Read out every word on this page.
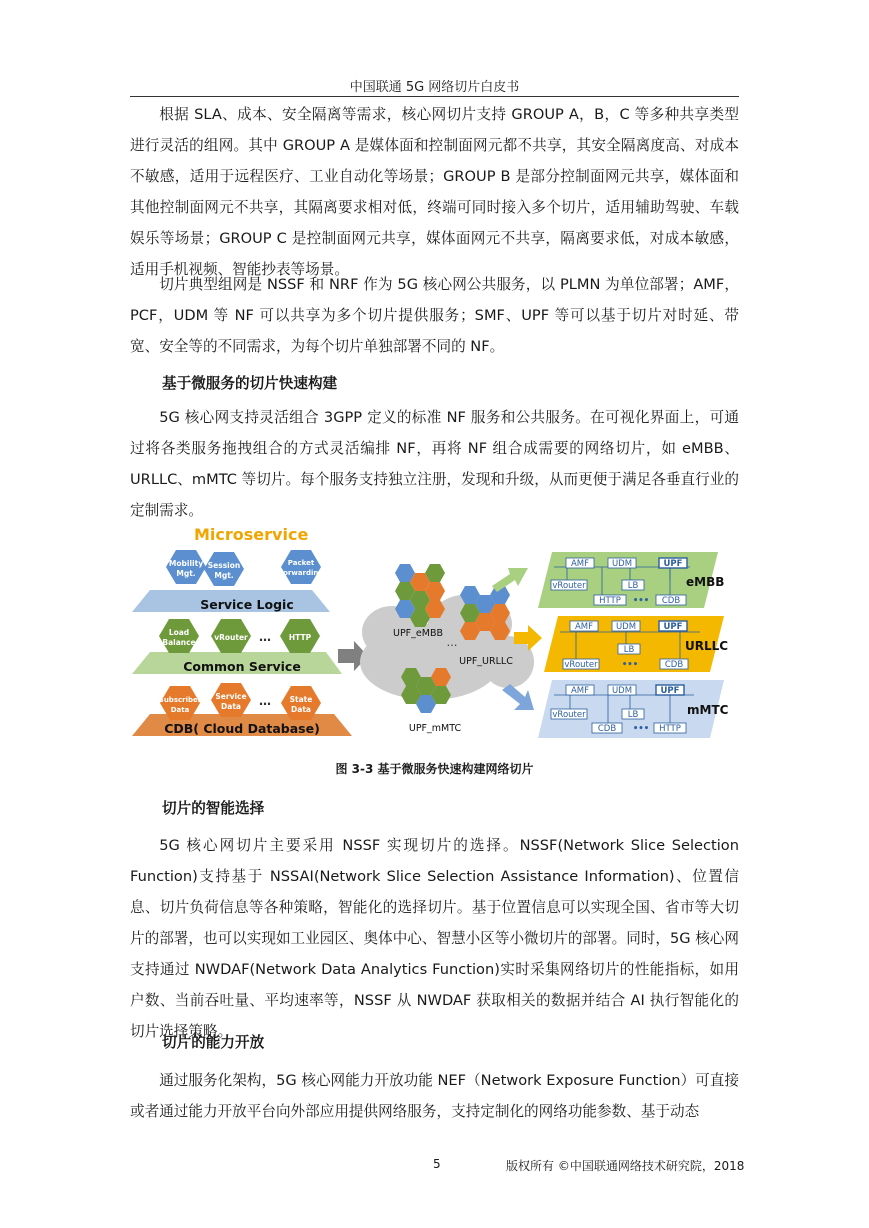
中国联通 5G 网络切片白皮书

根据 SLA、成本、安全隔离等需求，核心网切片支持 GROUP A，B，C 等多种共享类型进行灵活的组网。其中 GROUP A 是媒体面和控制面网元都不共享，其安全隔离度高、对成本不敏感，适用于远程医疗、工业自动化等场景；GROUP B 是部分控制面网元共享，媒体面和其他控制面网元不共享，其隔离要求相对低，终端可同时接入多个切片，适用辅助驾驶、车载娱乐等场景；GROUP C 是控制面网元共享，媒体面网元不共享，隔离要求低，对成本敏感，适用手机视频、智能抄表等场景。

切片典型组网是 NSSF 和 NRF 作为 5G 核心网公共服务，以 PLMN 为单位部署；AMF，PCF，UDM 等 NF 可以共享为多个切片提供服务；SMF、UPF 等可以基于切片对时延、带宽、安全等的不同需求，为每个切片单独部署不同的 NF。

基于微服务的切片快速构建

5G 核心网支持灵活组合 3GPP 定义的标准 NF 服务和公共服务。在可视化界面上，可通过将各类服务拖拽组合的方式灵活编排 NF，再将 NF 组合成需要的网络切片，如 eMBB、URLLC、mMTC 等切片。每个服务支持独立注册，发现和升级，从而更便于满足各垂直行业的定制需求。

Microservice
Service Logic
Mobility
Mgt.
Session
Mgt.
Packet
Forwarding
Common Service
Load
Balance
vRouter … HTTP
CDB( Cloud Database)
Subscriber
Data
Service
Data … State
Data
UPF_eMBB
…
UPF_URLLC
UPF_mMTC
AMF	UDM	UPF
vRouter	LB
HTTP ••• CDB
eMBB
AMF	UDM	UPF
LB
vRouter	•••	CDB
URLLC
AMF	UDM	UPF
vRouter	LB
CDB ••• HTTP
mMTC
图 3-3 基于微服务快速构建网络切片

切片的智能选择

5G 核心网切片主要采用 NSSF 实现切片的选择。NSSF(Network Slice Selection Function)支持基于 NSSAI(Network Slice Selection Assistance Information)、位置信息、切片负荷信息等各种策略，智能化的选择切片。基于位置信息可以实现全国、省市等大切片的部署，也可以实现如工业园区、奥体中心、智慧小区等小微切片的部署。同时，5G 核心网支持通过 NWDAF(Network Data Analytics Function)实时采集网络切片的性能指标，如用户数、当前吞吐量、平均速率等，NSSF 从 NWDAF 获取相关的数据并结合 AI 执行智能化的切片选择策略。

切片的能力开放

通过服务化架构，5G 核心网能力开放功能 NEF（Network Exposure Function）可直接或者通过能力开放平台向外部应用提供网络服务，支持定制化的网络功能参数、基于动态

5	版权所有 ©中国联通网络技术研究院，2018
